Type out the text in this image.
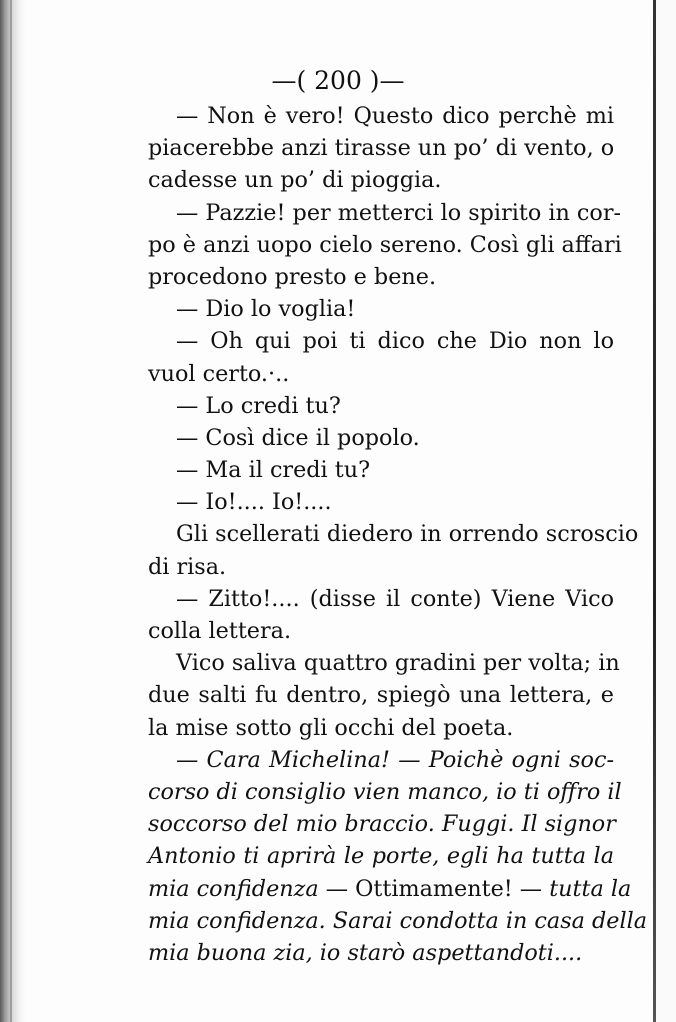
—( 200 )—
— Non è vero! Questo dico perchè mi
piacerebbe anzi tirasse un po’ di vento, o
cadesse un po’ di pioggia.
— Pazzie! per metterci lo spirito in cor-
po è anzi uopo cielo sereno. Così gli affari
procedono presto e bene.
— Dio lo voglia!
— Oh qui poi ti dico che Dio non lo
vuol certo.·..
— Lo credi tu?
— Così dice il popolo.
— Ma il credi tu?
— Io!.... Io!....
Gli scellerati diedero in orrendo scroscio
di risa.
— Zitto!.... (disse il conte) Viene Vico
colla lettera.
Vico saliva quattro gradini per volta; in
due salti fu dentro, spiegò una lettera, e
la mise sotto gli occhi del poeta.
— Cara Michelina! — Poichè ogni soc-
corso di consiglio vien manco, io ti offro il
soccorso del mio braccio. Fuggi. Il signor
Antonio ti aprirà le porte, egli ha tutta la
mia confidenza — Ottimamente! — tutta la
mia confidenza. Sarai condotta in casa della
mia buona zia, io starò aspettandoti....
